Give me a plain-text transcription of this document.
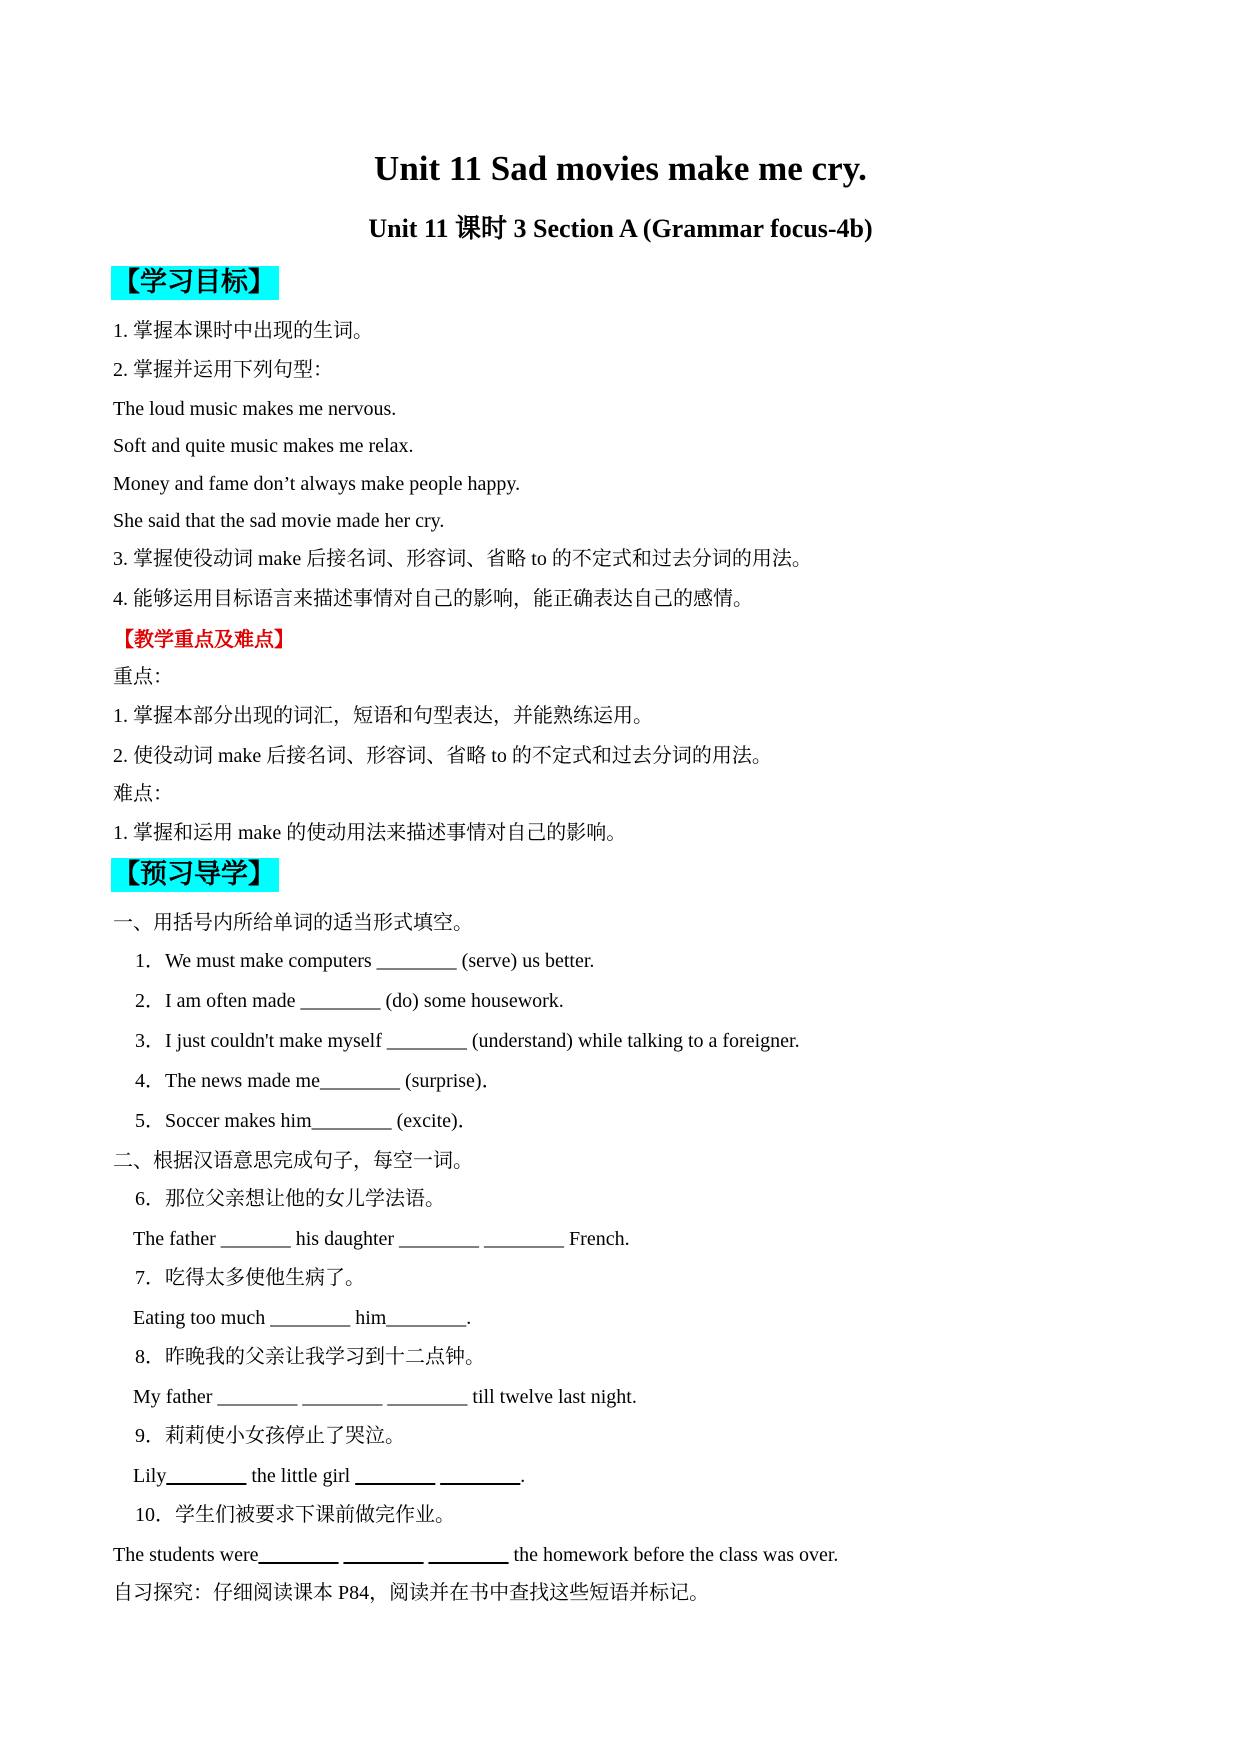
Unit 11 Sad movies make me cry.
Unit 11 课时 3 Section A (Grammar focus-4b)
【学习目标】
1. 掌握本课时中出现的生词。
2. 掌握并运用下列句型：
The loud music makes me nervous.
Soft and quite music makes me relax.
Money and fame don’t always make people happy.
She said that the sad movie made her cry.
3. 掌握使役动词 make 后接名词、形容词、省略 to 的不定式和过去分词的用法。
4. 能够运用目标语言来描述事情对自己的影响，能正确表达自己的感情。
【教学重点及难点】
重点：
1. 掌握本部分出现的词汇，短语和句型表达，并能熟练运用。
2. 使役动词 make 后接名词、形容词、省略 to 的不定式和过去分词的用法。
难点：
1. 掌握和运用 make 的使动用法来描述事情对自己的影响。
【预习导学】
一、用括号内所给单词的适当形式填空。
1．We must make computers ________ (serve) us better.
2．I am often made ________ (do) some housework.
3．I just couldn't make myself ________ (understand) while talking to a foreigner.
4．The news made me________ (surprise)．
5．Soccer makes him________ (excite)．
二、根据汉语意思完成句子，每空一词。
6．那位父亲想让他的女儿学法语。
The father _______ his daughter ________ ________ French.
7．吃得太多使他生病了。
Eating too much ________ him________.
8．昨晚我的父亲让我学习到十二点钟。
My father ________ ________ ________ till twelve last night.
9．莉莉使小女孩停止了哭泣。
Lily________ the little girl ________ ________.
10．学生们被要求下课前做完作业。
The students were________ ________ ________ the homework before the class was over.
自习探究：仔细阅读课本 P84，阅读并在书中查找这些短语并标记。
